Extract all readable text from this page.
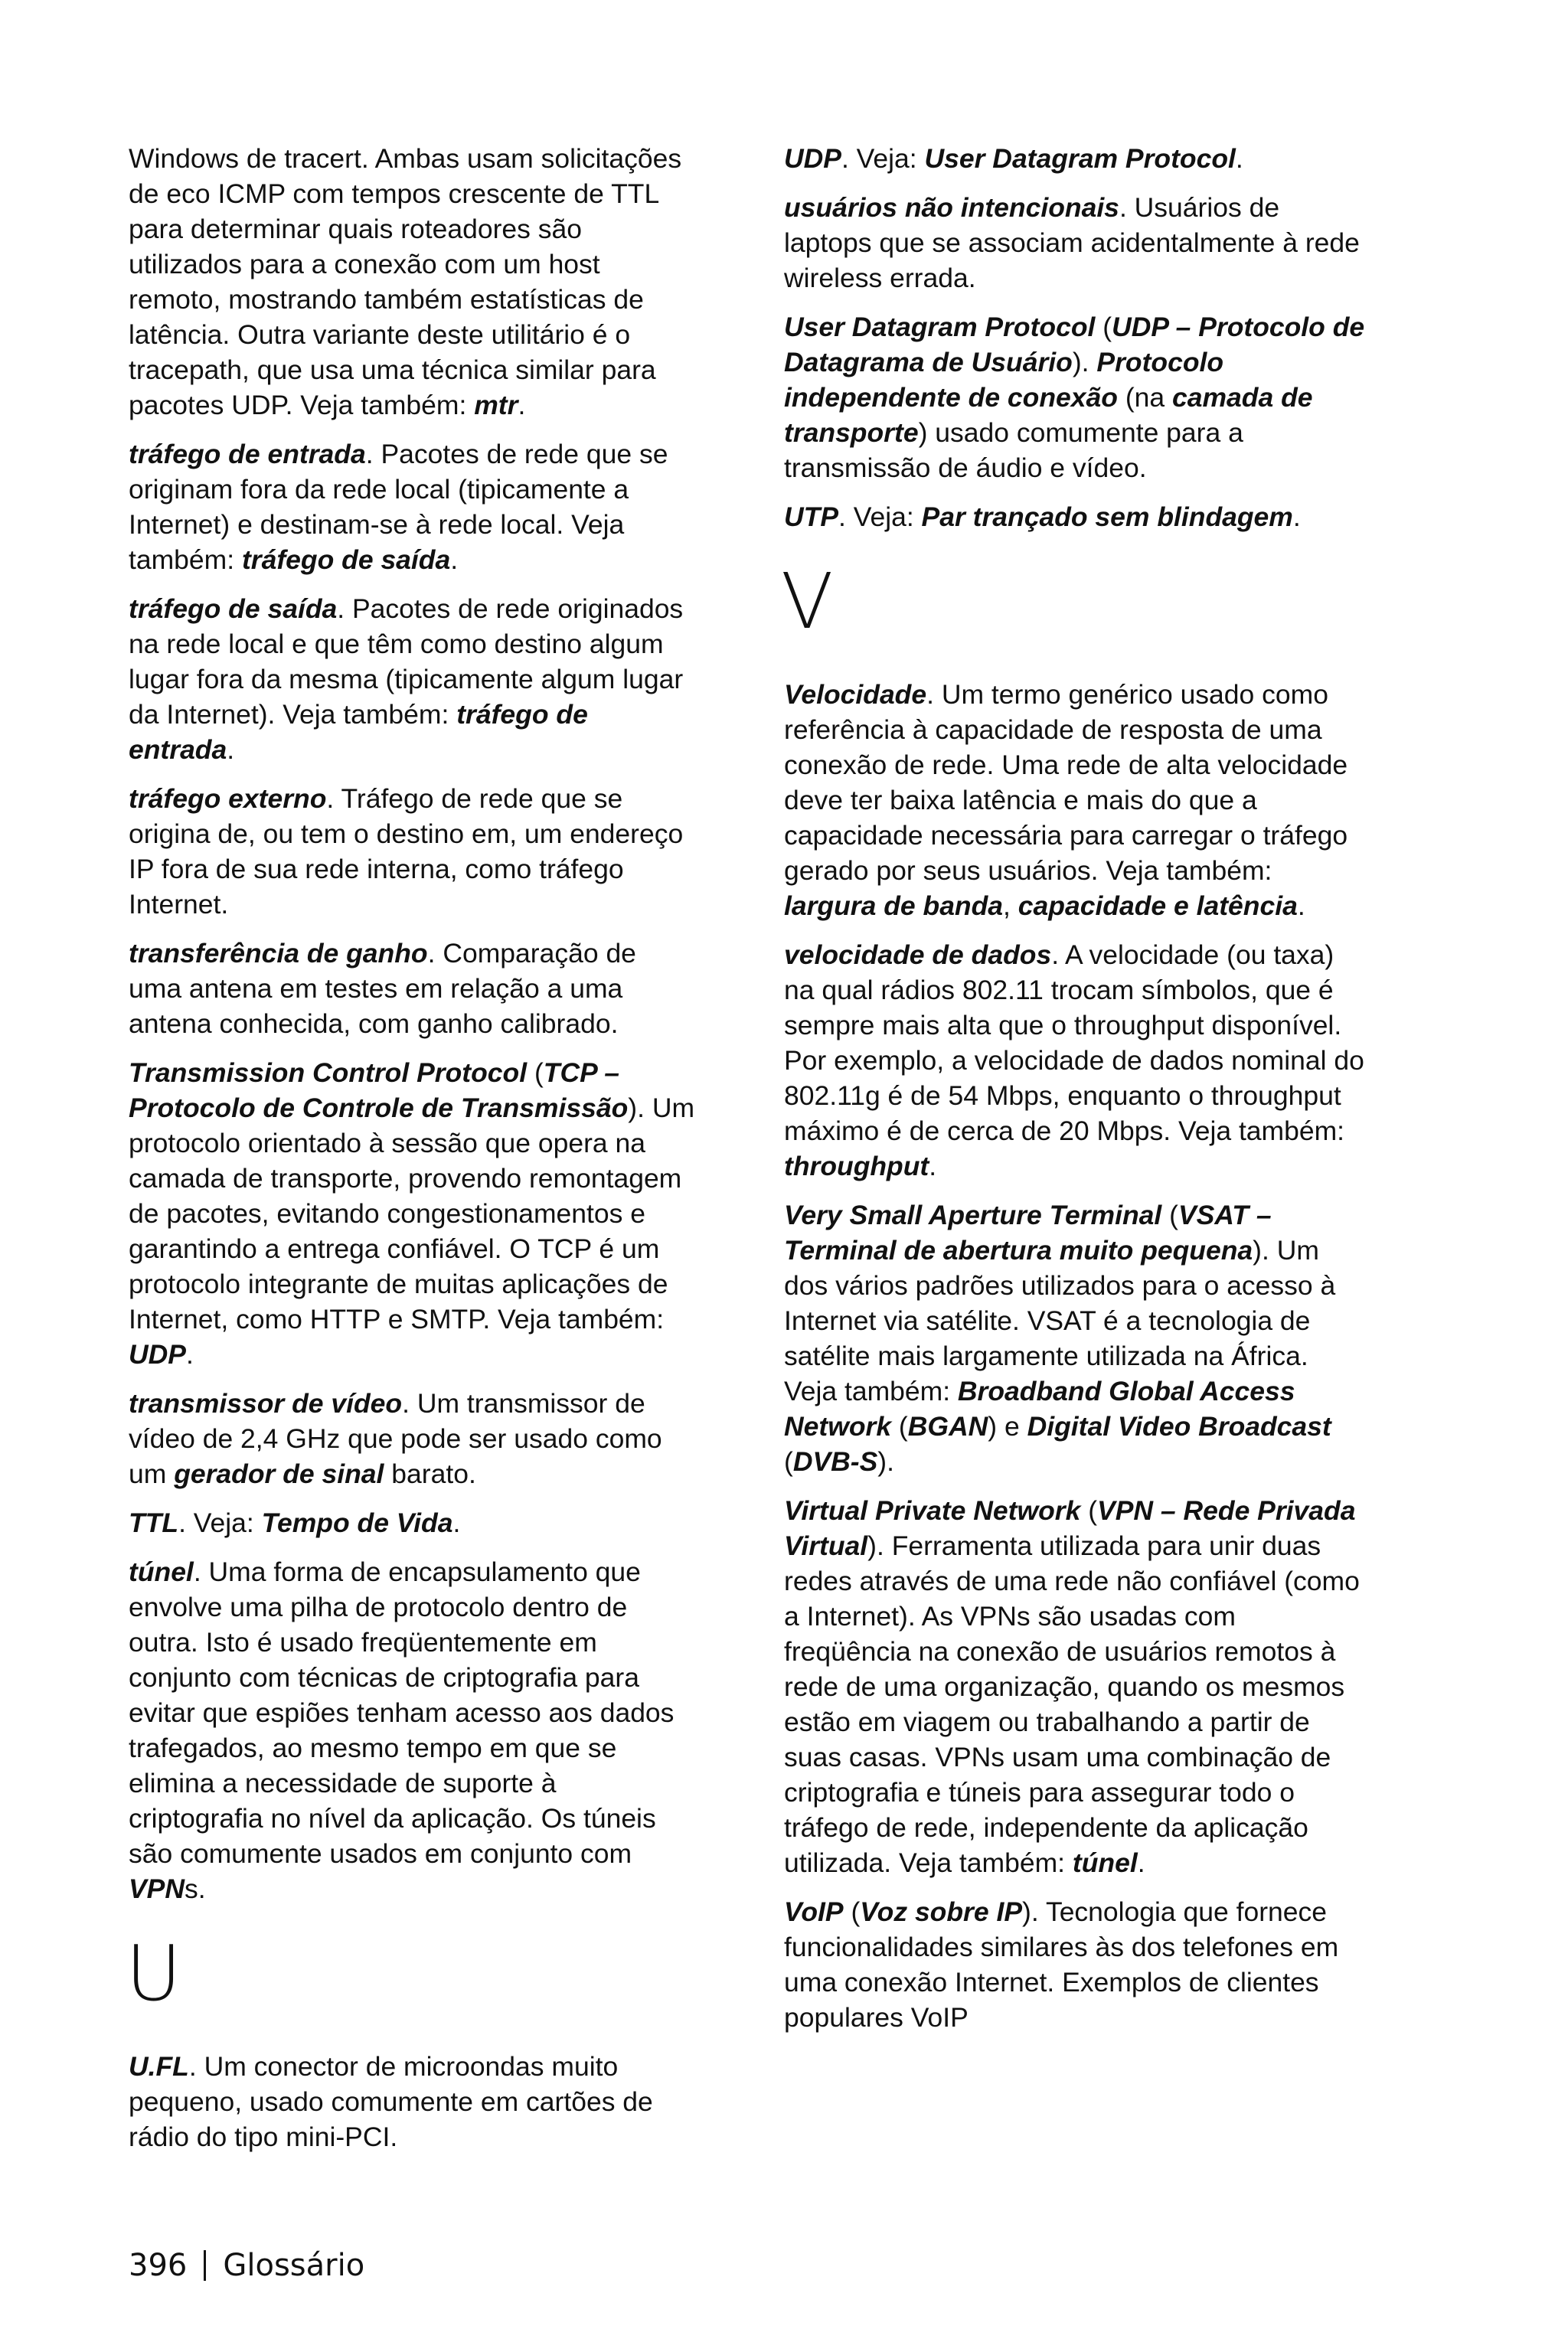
Windows de tracert. Ambas usam solicitações de eco ICMP com tempos crescente de TTL para determinar quais roteadores são utilizados para a conexão com um host remoto, mostrando também estatísticas de latência. Outra variante deste utilitário é o tracepath, que usa uma técnica similar para pacotes UDP. Veja também: mtr.

tráfego de entrada. Pacotes de rede que se originam fora da rede local (tipicamente a Internet) e destinam-se à rede local. Veja também: tráfego de saída.

tráfego de saída. Pacotes de rede originados na rede local e que têm como destino algum lugar fora da mesma (tipicamente algum lugar da Internet). Veja também: tráfego de entrada.

tráfego externo. Tráfego de rede que se origina de, ou tem o destino em, um endereço IP fora de sua rede interna, como tráfego Internet.

transferência de ganho. Comparação de uma antena em testes em relação a uma antena conhecida, com ganho calibrado.

Transmission Control Protocol (TCP – Protocolo de Controle de Transmissão). Um protocolo orientado à sessão que opera na camada de transporte, provendo remontagem de pacotes, evitando congestionamentos e garantindo a entrega confiável. O TCP é um protocolo integrante de muitas aplicações de Internet, como HTTP e SMTP. Veja também: UDP.

transmissor de vídeo. Um transmissor de vídeo de 2,4 GHz que pode ser usado como um gerador de sinal barato.

TTL. Veja: Tempo de Vida.

túnel. Uma forma de encapsulamento que envolve uma pilha de protocolo dentro de outra. Isto é usado freqüentemente em conjunto com técnicas de criptografia para evitar que espiões tenham acesso aos dados trafegados, ao mesmo tempo em que se elimina a necessidade de suporte à criptografia no nível da aplicação. Os túneis são comumente usados em conjunto com VPNs.

U

U.FL. Um conector de microondas muito pequeno, usado comumente em cartões de rádio do tipo mini-PCI.

UDP. Veja: User Datagram Protocol.

usuários não intencionais. Usuários de laptops que se associam acidentalmente à rede wireless errada.

User Datagram Protocol (UDP – Protocolo de Datagrama de Usuário). Protocolo independente de conexão (na camada de transporte) usado comumente para a transmissão de áudio e vídeo.

UTP. Veja: Par trançado sem blindagem.

V

Velocidade. Um termo genérico usado como referência à capacidade de resposta de uma conexão de rede. Uma rede de alta velocidade deve ter baixa latência e mais do que a capacidade necessária para carregar o tráfego gerado por seus usuários. Veja também: largura de banda, capacidade e latência.

velocidade de dados. A velocidade (ou taxa) na qual rádios 802.11 trocam símbolos, que é sempre mais alta que o throughput disponível. Por exemplo, a velocidade de dados nominal do 802.11g é de 54 Mbps, enquanto o throughput máximo é de cerca de 20 Mbps. Veja também: throughput.

Very Small Aperture Terminal (VSAT – Terminal de abertura muito pequena). Um dos vários padrões utilizados para o acesso à Internet via satélite. VSAT é a tecnologia de satélite mais largamente utilizada na África. Veja também: Broadband Global Access Network (BGAN) e Digital Video Broadcast (DVB-S).

Virtual Private Network (VPN – Rede Privada Virtual). Ferramenta utilizada para unir duas redes através de uma rede não confiável (como a Internet). As VPNs são usadas com freqüência na conexão de usuários remotos à rede de uma organização, quando os mesmos estão em viagem ou trabalhando a partir de suas casas. VPNs usam uma combinação de criptografia e túneis para assegurar todo o tráfego de rede, independente da aplicação utilizada. Veja também: túnel.

VoIP (Voz sobre IP). Tecnologia que fornece funcionalidades similares às dos telefones em uma conexão Internet. Exemplos de clientes populares VoIP

396 Glossário
